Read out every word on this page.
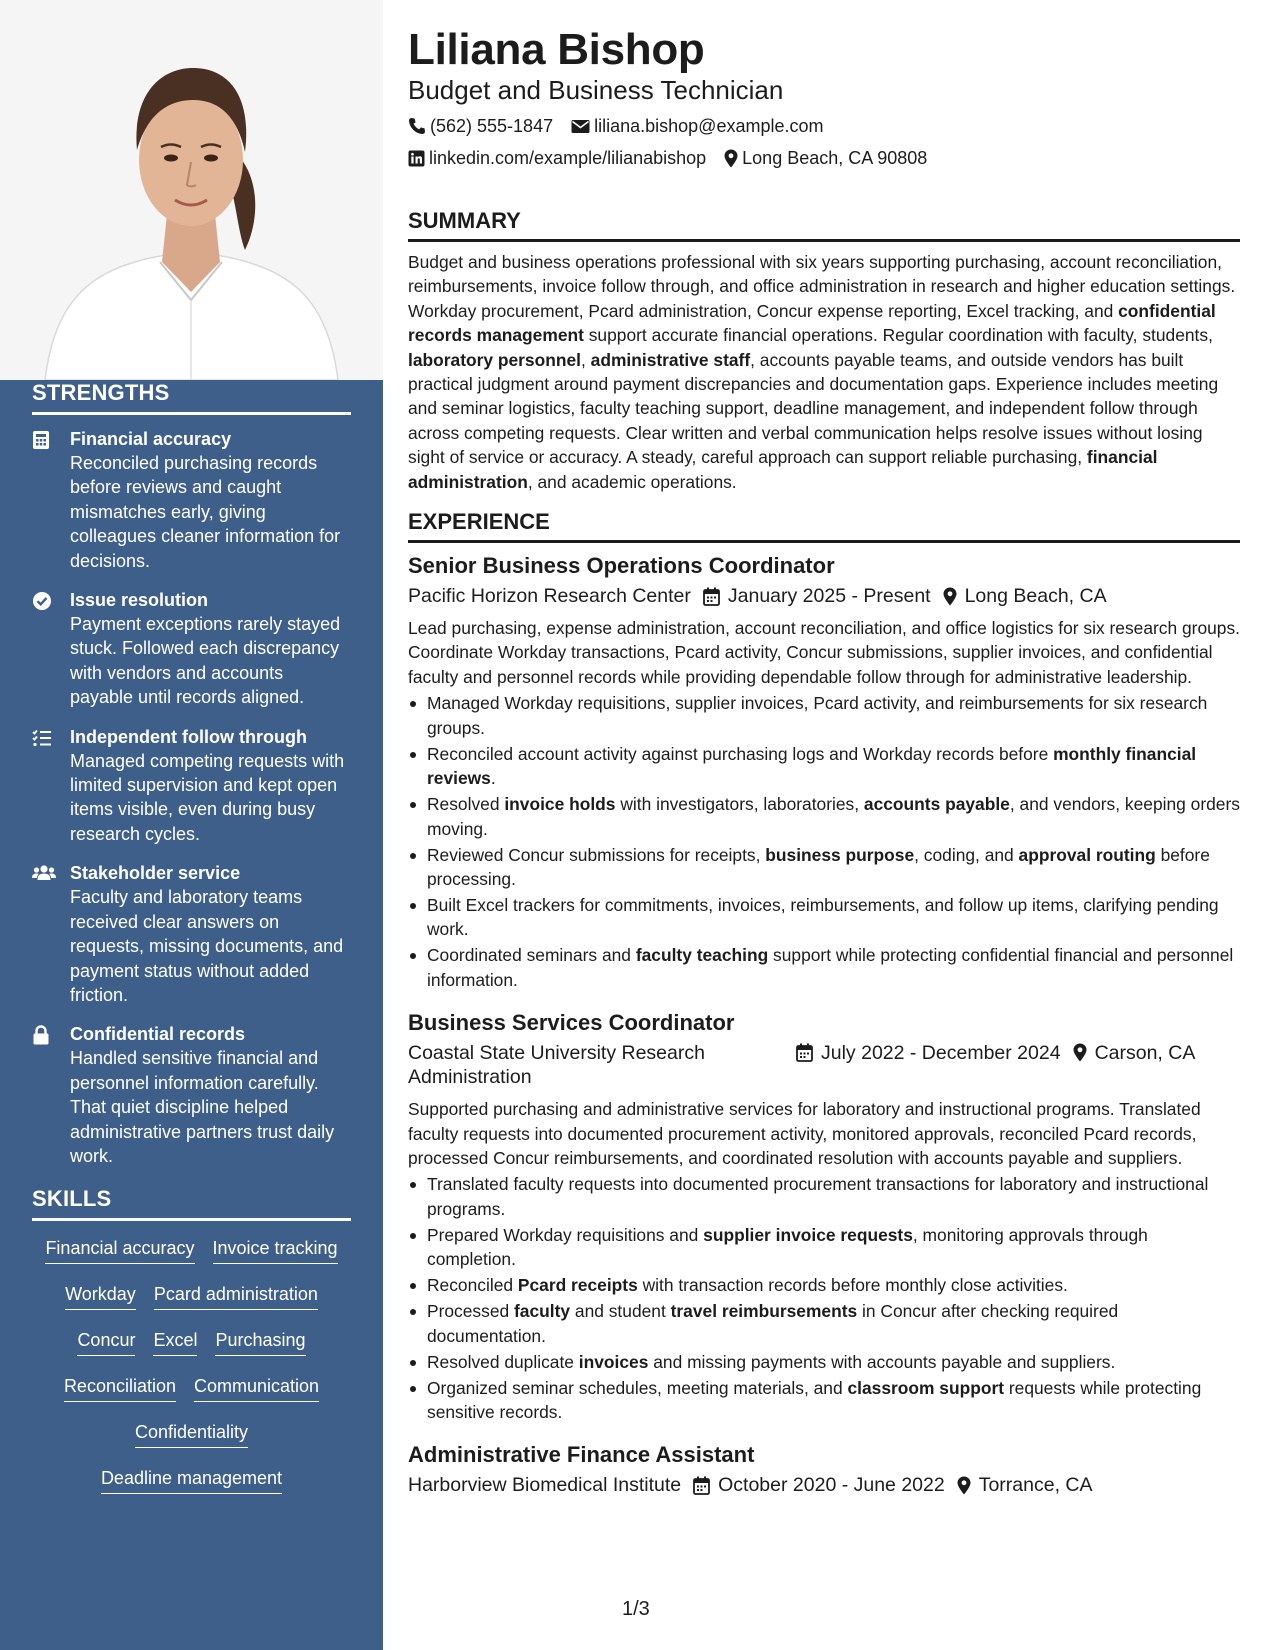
STRENGTHS
Financial accuracy
Reconciled purchasing records before reviews and caught mismatches early, giving colleagues cleaner information for decisions.
Issue resolution
Payment exceptions rarely stayed stuck. Followed each discrepancy with vendors and accounts payable until records aligned.
Independent follow through
Managed competing requests with limited supervision and kept open items visible, even during busy research cycles.
Stakeholder service
Faculty and laboratory teams received clear answers on requests, missing documents, and payment status without added friction.
Confidential records
Handled sensitive financial and personnel information carefully. That quiet discipline helped administrative partners trust daily work.
SKILLS
Financial accuracy Invoice tracking
Workday Pcard administration
Concur Excel Purchasing
Reconciliation Communication
Confidentiality
Deadline management
Liliana Bishop
Budget and Business Technician
(562) 555-1847 liliana.bishop@example.com
linkedin.com/example/lilianabishop Long Beach, CA 90808
SUMMARY
Budget and business operations professional with six years supporting purchasing, account reconciliation, reimbursements, invoice follow through, and office administration in research and higher education settings. Workday procurement, Pcard administration, Concur expense reporting, Excel tracking, and confidential records management support accurate financial operations. Regular coordination with faculty, students, laboratory personnel, administrative staff, accounts payable teams, and outside vendors has built practical judgment around payment discrepancies and documentation gaps. Experience includes meeting and seminar logistics, faculty teaching support, deadline management, and independent follow through across competing requests. Clear written and verbal communication helps resolve issues without losing sight of service or accuracy. A steady, careful approach can support reliable purchasing, financial administration, and academic operations.
EXPERIENCE
Senior Business Operations Coordinator
Pacific Horizon Research Center January 2025 - Present Long Beach, CA
Lead purchasing, expense administration, account reconciliation, and office logistics for six research groups. Coordinate Workday transactions, Pcard activity, Concur submissions, supplier invoices, and confidential faculty and personnel records while providing dependable follow through for administrative leadership.
Managed Workday requisitions, supplier invoices, Pcard activity, and reimbursements for six research groups.
Reconciled account activity against purchasing logs and Workday records before monthly financial reviews.
Resolved invoice holds with investigators, laboratories, accounts payable, and vendors, keeping orders moving.
Reviewed Concur submissions for receipts, business purpose, coding, and approval routing before processing.
Built Excel trackers for commitments, invoices, reimbursements, and follow up items, clarifying pending work.
Coordinated seminars and faculty teaching support while protecting confidential financial and personnel information.
Business Services Coordinator
Coastal State University Research Administration
July 2022 - December 2024 Carson, CA
Supported purchasing and administrative services for laboratory and instructional programs. Translated faculty requests into documented procurement activity, monitored approvals, reconciled Pcard records, processed Concur reimbursements, and coordinated resolution with accounts payable and suppliers.
Translated faculty requests into documented procurement transactions for laboratory and instructional programs.
Prepared Workday requisitions and supplier invoice requests, monitoring approvals through completion.
Reconciled Pcard receipts with transaction records before monthly close activities.
Processed faculty and student travel reimbursements in Concur after checking required documentation.
Resolved duplicate invoices and missing payments with accounts payable and suppliers.
Organized seminar schedules, meeting materials, and classroom support requests while protecting sensitive records.
Administrative Finance Assistant
Harborview Biomedical Institute October 2020 - June 2022 Torrance, CA
1/3
